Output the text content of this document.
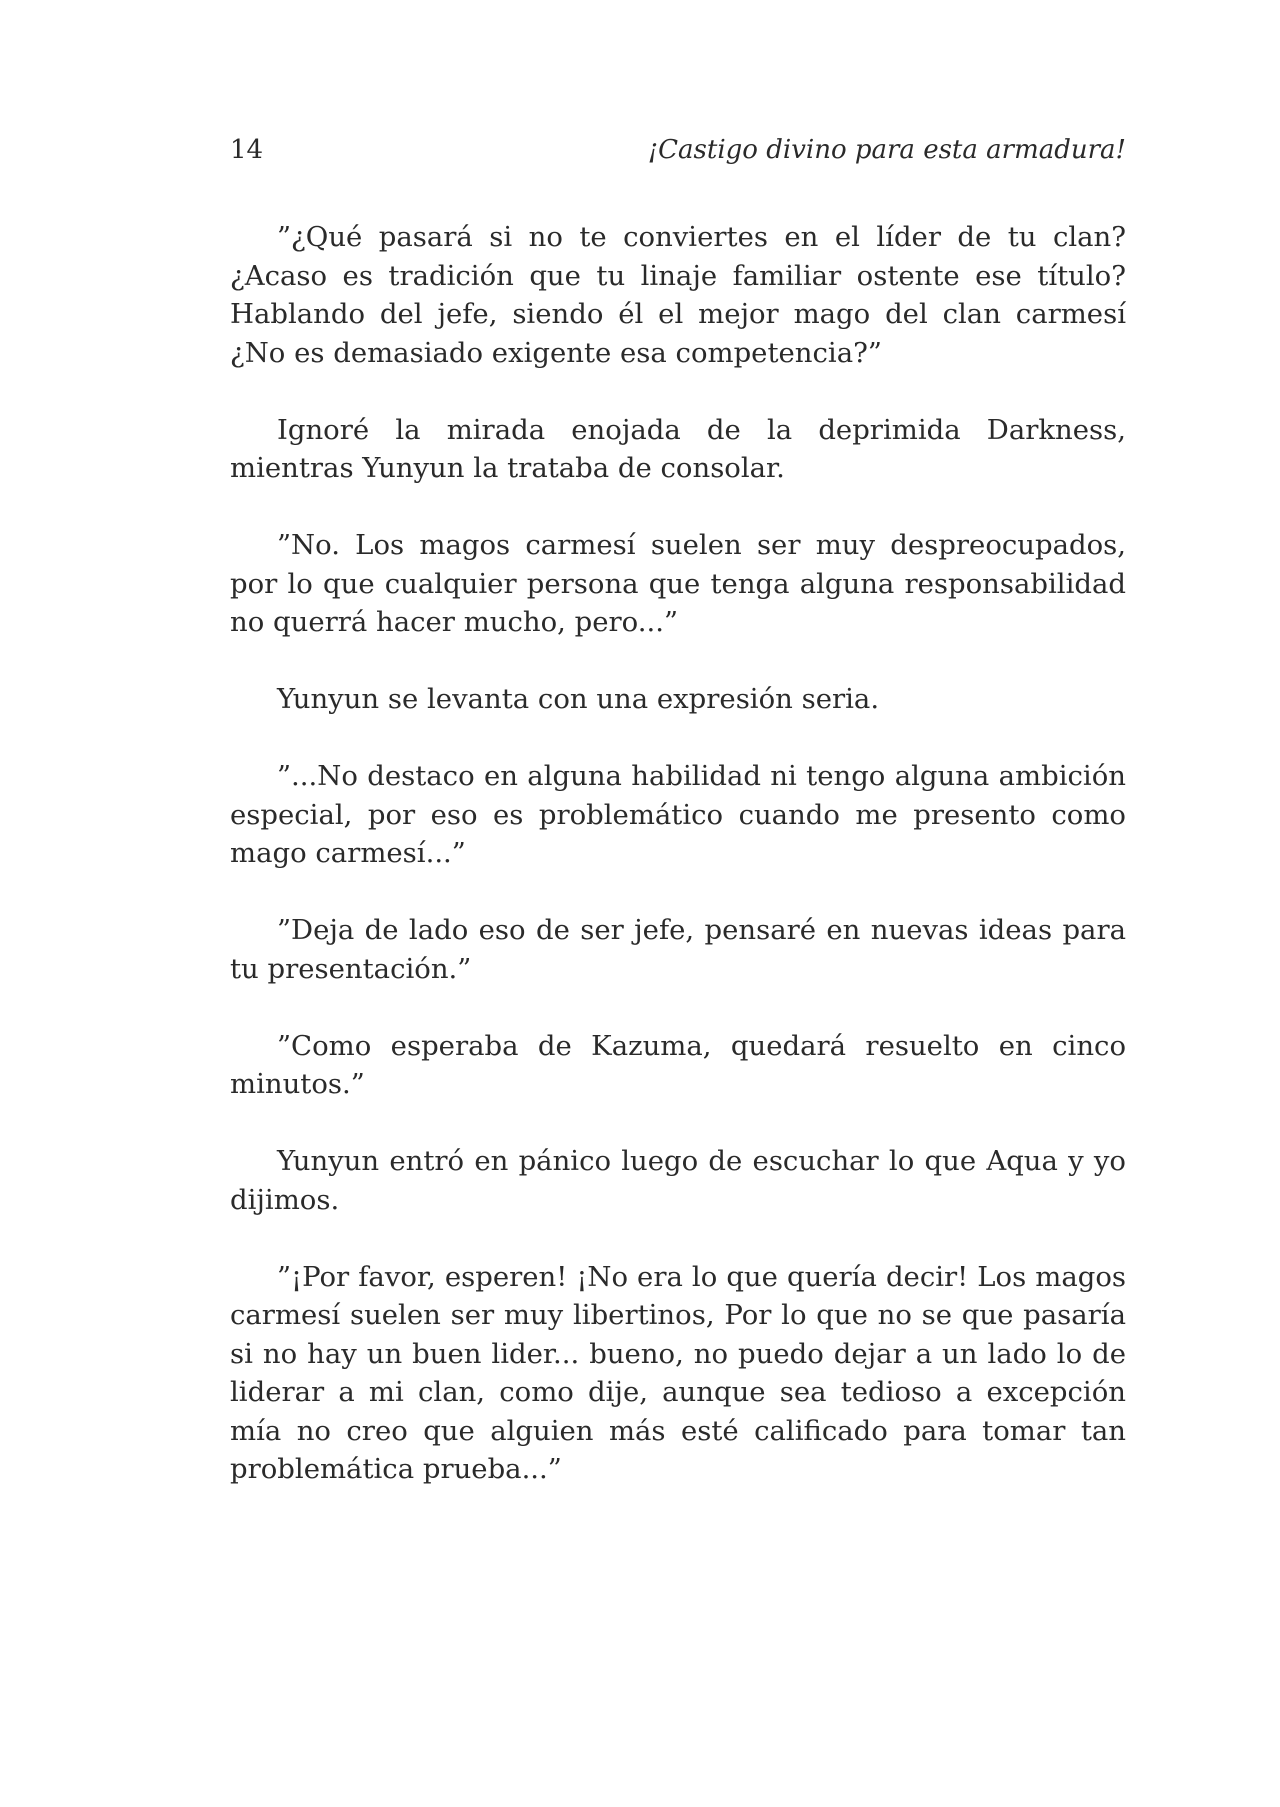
14	¡Castigo divino para esta armadura!

”¿Qué pasará si no te conviertes en el líder de tu clan? ¿Acaso es tradición que tu linaje familiar ostente ese título? Hablando del jefe, siendo él el mejor mago del clan carmesí ¿No es demasiado exigente esa competencia?”

Ignoré la mirada enojada de la deprimida Darkness, mientras Yunyun la trataba de consolar.

”No. Los magos carmesí suelen ser muy despreocupados, por lo que cualquier persona que tenga alguna responsabilidad no querrá hacer mucho, pero...”

Yunyun se levanta con una expresión seria.

”...No destaco en alguna habilidad ni tengo alguna ambición especial, por eso es problemático cuando me presento como mago carmesí...”

”Deja de lado eso de ser jefe, pensaré en nuevas ideas para tu presentación.”

”Como esperaba de Kazuma, quedará resuelto en cinco minutos.”

Yunyun entró en pánico luego de escuchar lo que Aqua y yo dijimos.

”¡Por favor, esperen! ¡No era lo que quería decir! Los magos carmesí suelen ser muy libertinos, Por lo que no se que pasaría si no hay un buen lider... bueno, no puedo dejar a un lado lo de liderar a mi clan, como dije, aunque sea tedioso a excepción mía no creo que alguien más esté calificado para tomar tan problemática prueba...”
